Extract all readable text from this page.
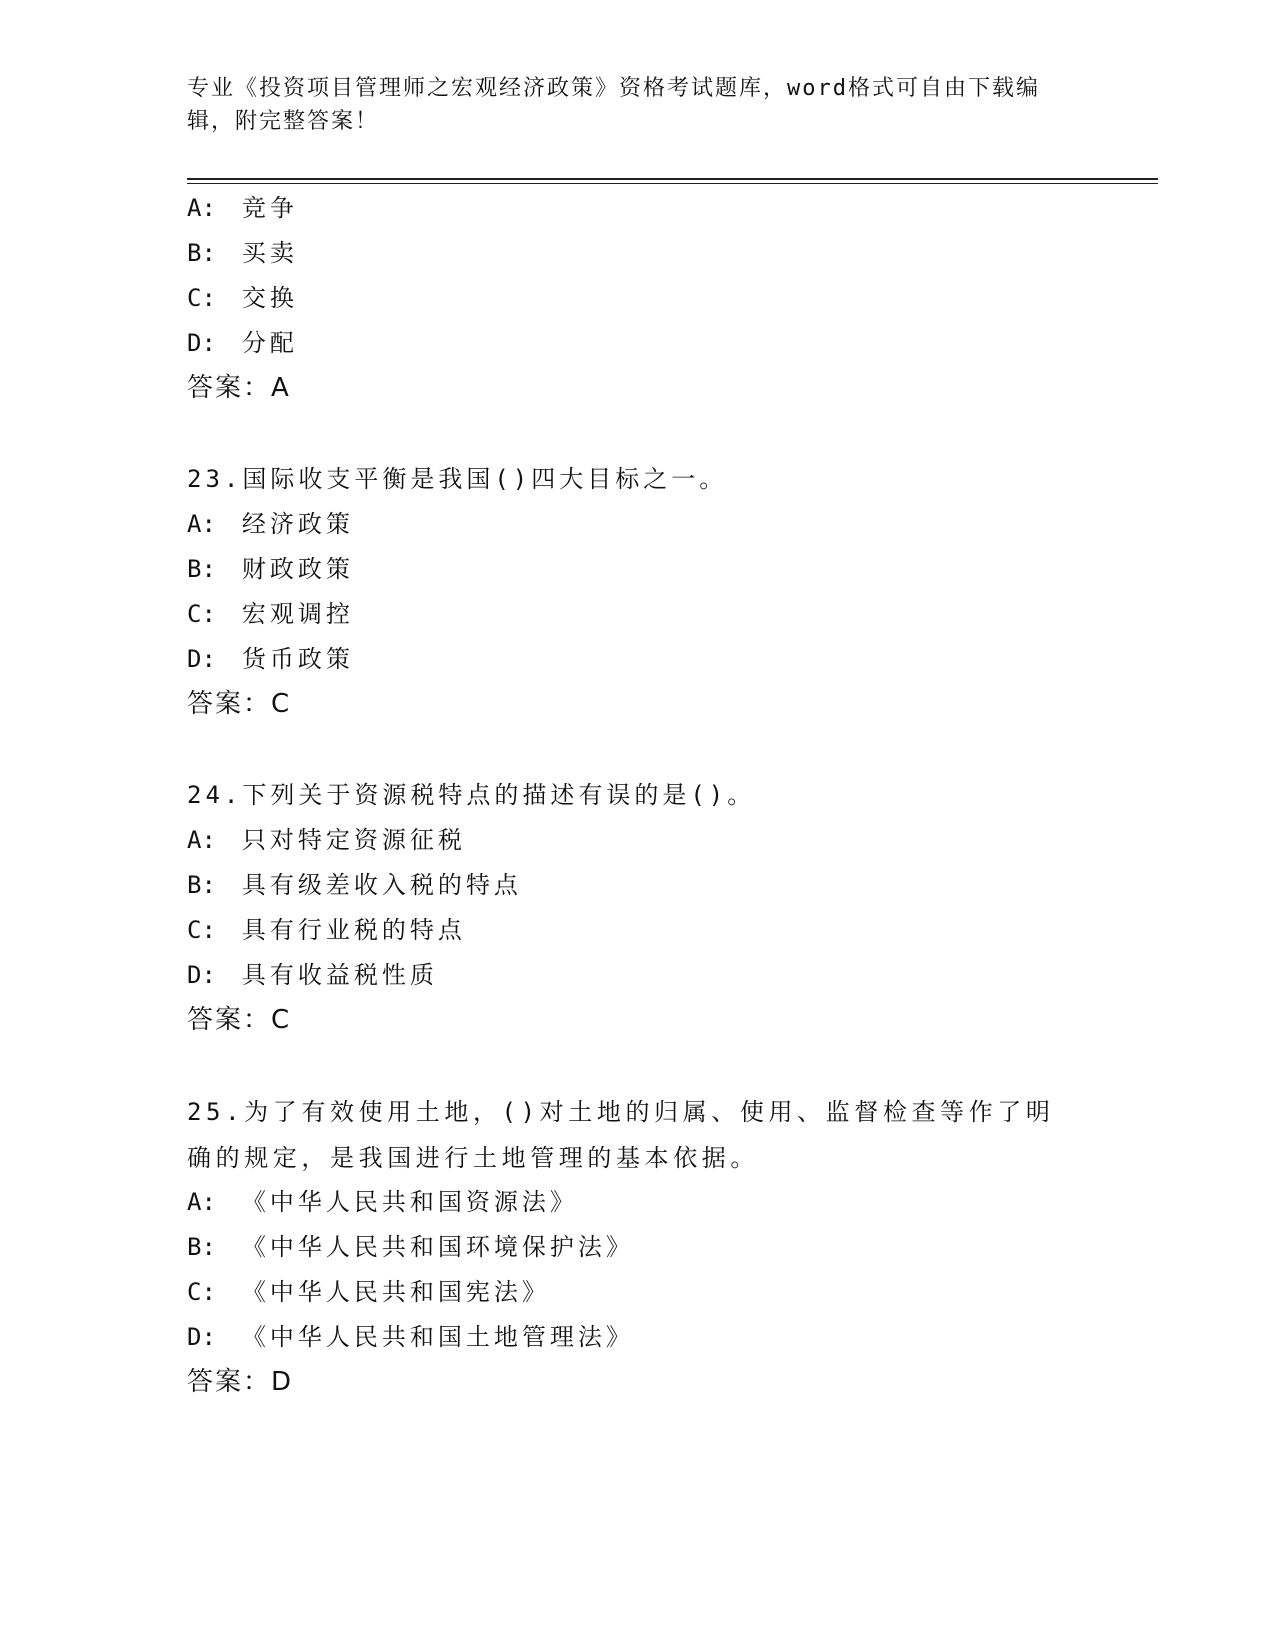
专业《投资项目管理师之宏观经济政策》资格考试题库，word格式可自由下载编辑，附完整答案！
A: 竞争
B: 买卖
C: 交换
D: 分配
答案：A
23.国际收支平衡是我国()四大目标之一。
A: 经济政策
B: 财政政策
C: 宏观调控
D: 货币政策
答案：C
24.下列关于资源税特点的描述有误的是()。
A: 只对特定资源征税
B: 具有级差收入税的特点
C: 具有行业税的特点
D: 具有收益税性质
答案：C
25.为了有效使用土地，()对土地的归属、使用、监督检查等作了明确的规定，是我国进行土地管理的基本依据。
A: 《中华人民共和国资源法》
B: 《中华人民共和国环境保护法》
C: 《中华人民共和国宪法》
D: 《中华人民共和国土地管理法》
答案：D
